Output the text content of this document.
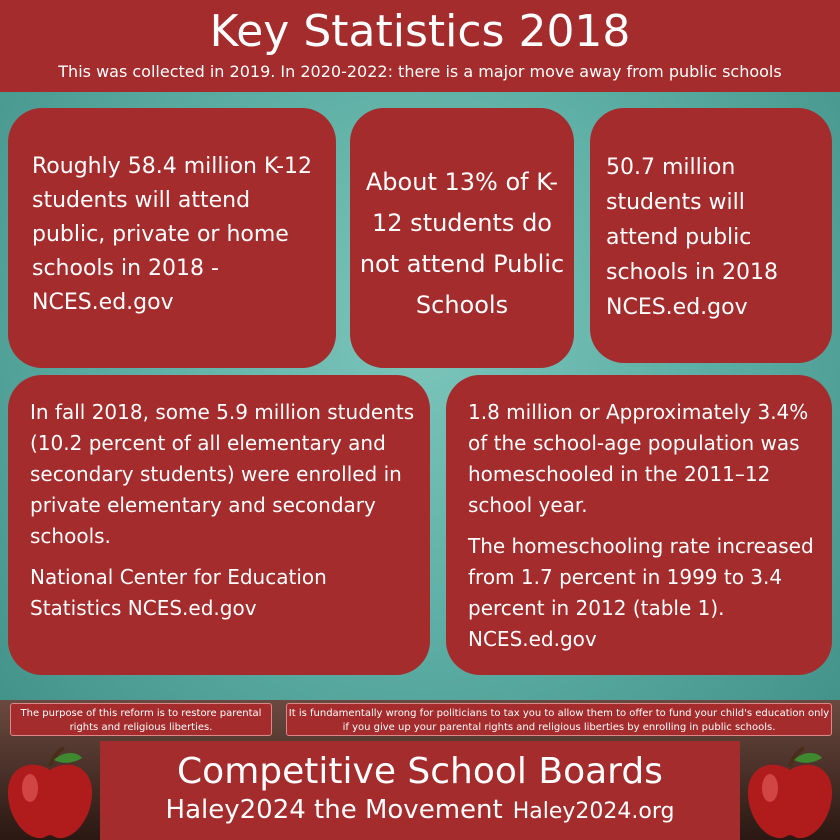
Key Statistics 2018
This was collected in 2019. In 2020-2022: there is a major move away from public schools
Roughly 58.4 million K-12 students will attend public, private or home schools in 2018 - NCES.ed.gov
About 13% of K-12 students do not attend Public Schools
50.7 million students will attend public schools in 2018 NCES.ed.gov
In fall 2018, some 5.9 million students (10.2 percent of all elementary and secondary students) were enrolled in private elementary and secondary schools.
National Center for Education Statistics NCES.ed.gov
1.8 million or Approximately 3.4% of the school-age population was homeschooled in the 2011–12 school year.
The homeschooling rate increased from 1.7 percent in 1999 to 3.4 percent in 2012 (table 1). NCES.ed.gov
The purpose of this reform is to restore parental rights and religious liberties.
It is fundamentally wrong for politicians to tax you to allow them to offer to fund your child's education only if you give up your parental rights and religious liberties by enrolling in public schools.
Competitive School Boards
Haley2024 the Movement Haley2024.org
